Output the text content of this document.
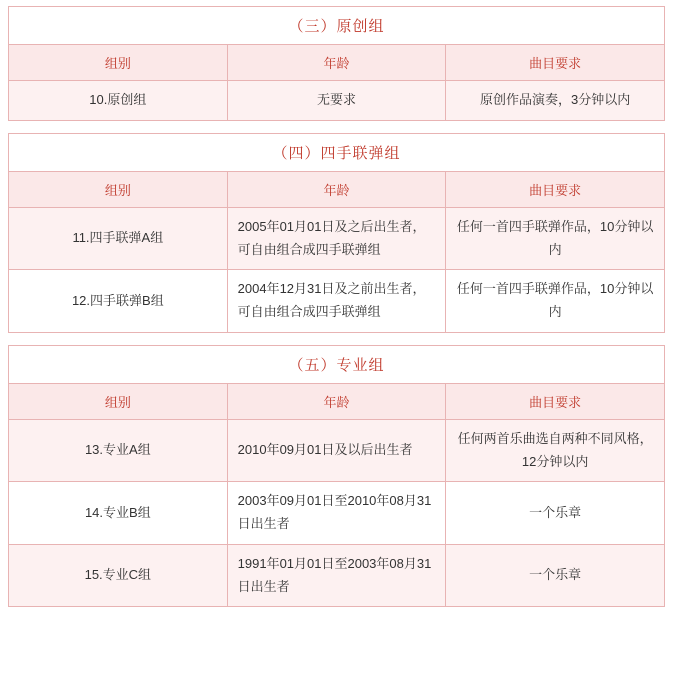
（三）原创组		
组别	年龄	曲目要求
10.原创组	无要求	原创作品演奏，3分钟以内
（四）四手联弹组		
组别	年龄	曲目要求
11.四手联弹A组	2005年01月01日及之后出生者，可自由组合成四手联弹组	任何一首四手联弹作品，10分钟以内
12.四手联弹B组	2004年12月31日及之前出生者，可自由组合成四手联弹组	任何一首四手联弹作品，10分钟以内
（五）专业组		
组别	年龄	曲目要求
13.专业A组	2010年09月01日及以后出生者	任何两首乐曲选自两种不同风格，12分钟以内
14.专业B组	2003年09月01日至2010年08月31日出生者	一个乐章
15.专业C组	1991年01月01日至2003年08月31日出生者	一个乐章
